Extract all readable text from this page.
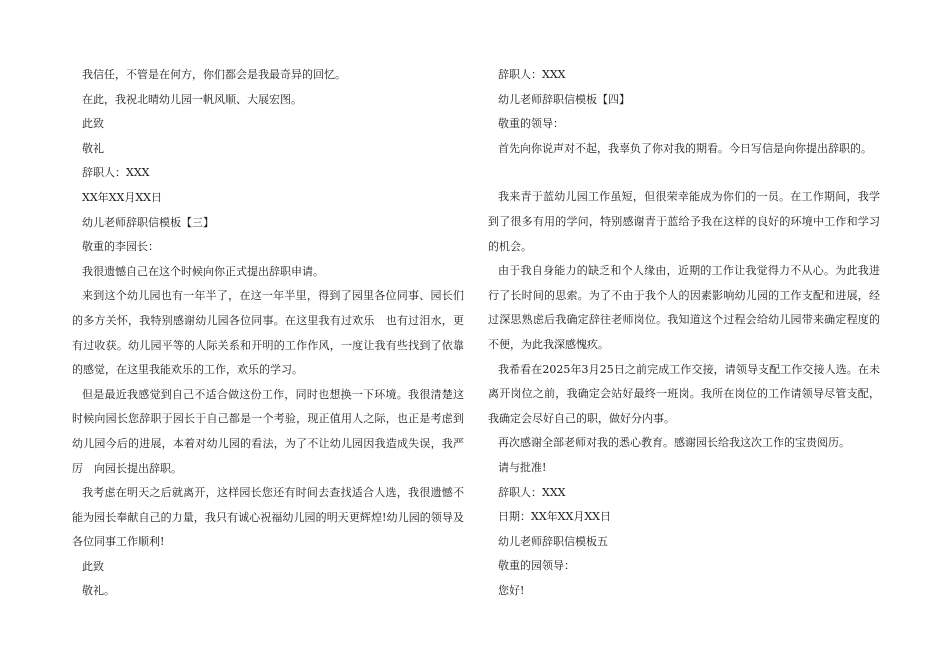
我信任，不管是在何方，你们都会是我最奇异的回忆。

在此，我祝北晴幼儿园一帆风顺、大展宏图。

此致

敬礼

辞职人：XXX

XX年XX月XX日

幼儿老师辞职信模板【三】

敬重的李园长：

我很遗憾自己在这个时候向你正式提出辞职申请。

来到这个幼儿园也有一年半了，在这一年半里，得到了园里各位同事、园长们的多方关怀，我特别感谢幼儿园各位同事。在这里我有过欢乐　也有过泪水，更有过收获。幼儿园平等的人际关系和开明的工作作风，一度让我有些找到了依靠的感觉，在这里我能欢乐的工作，欢乐的学习。

但是最近我感觉到自己不适合做这份工作，同时也想换一下环境。我很清楚这时候向园长您辞职于园长于自己都是一个考验，现正值用人之际，也正是考虑到幼儿园今后的进展，本着对幼儿园的看法，为了不让幼儿园因我造成失误，我严厉　向园长提出辞职。

我考虑在明天之后就离开，这样园长您还有时间去查找适合人选，我很遗憾不能为园长奉献自己的力量，我只有诚心祝福幼儿园的明天更辉煌!幼儿园的领导及各位同事工作顺利!

此致

敬礼。

辞职人：XXX

幼儿老师辞职信模板【四】

敬重的领导：

首先向你说声对不起，我辜负了你对我的期看。今日写信是向你提出辞职的。

我来青于蓝幼儿园工作虽短，但很荣幸能成为你们的一员。在工作期间，我学到了很多有用的学问，特别感谢青于蓝给予我在这样的良好的环境中工作和学习的机会。

由于我自身能力的缺乏和个人缘由，近期的工作让我觉得力不从心。为此我进行了长时间的思索。为了不由于我个人的因素影响幼儿园的工作支配和进展，经过深思熟虑后我确定辞往老师岗位。我知道这个过程会给幼儿园带来确定程度的不便，为此我深感愧疚。

我希看在2025年3月25日之前完成工作交接，请领导支配工作交接人选。在未离开岗位之前，我确定会站好最终一班岗。我所在岗位的工作请领导尽管支配，我确定会尽好自己的职，做好分内事。

再次感谢全部老师对我的悉心教育。感谢园长给我这次工作的宝贵阅历。

请与批准!

辞职人：XXX

日期：XX年XX月XX日

幼儿老师辞职信模板五

敬重的园领导：

您好!
